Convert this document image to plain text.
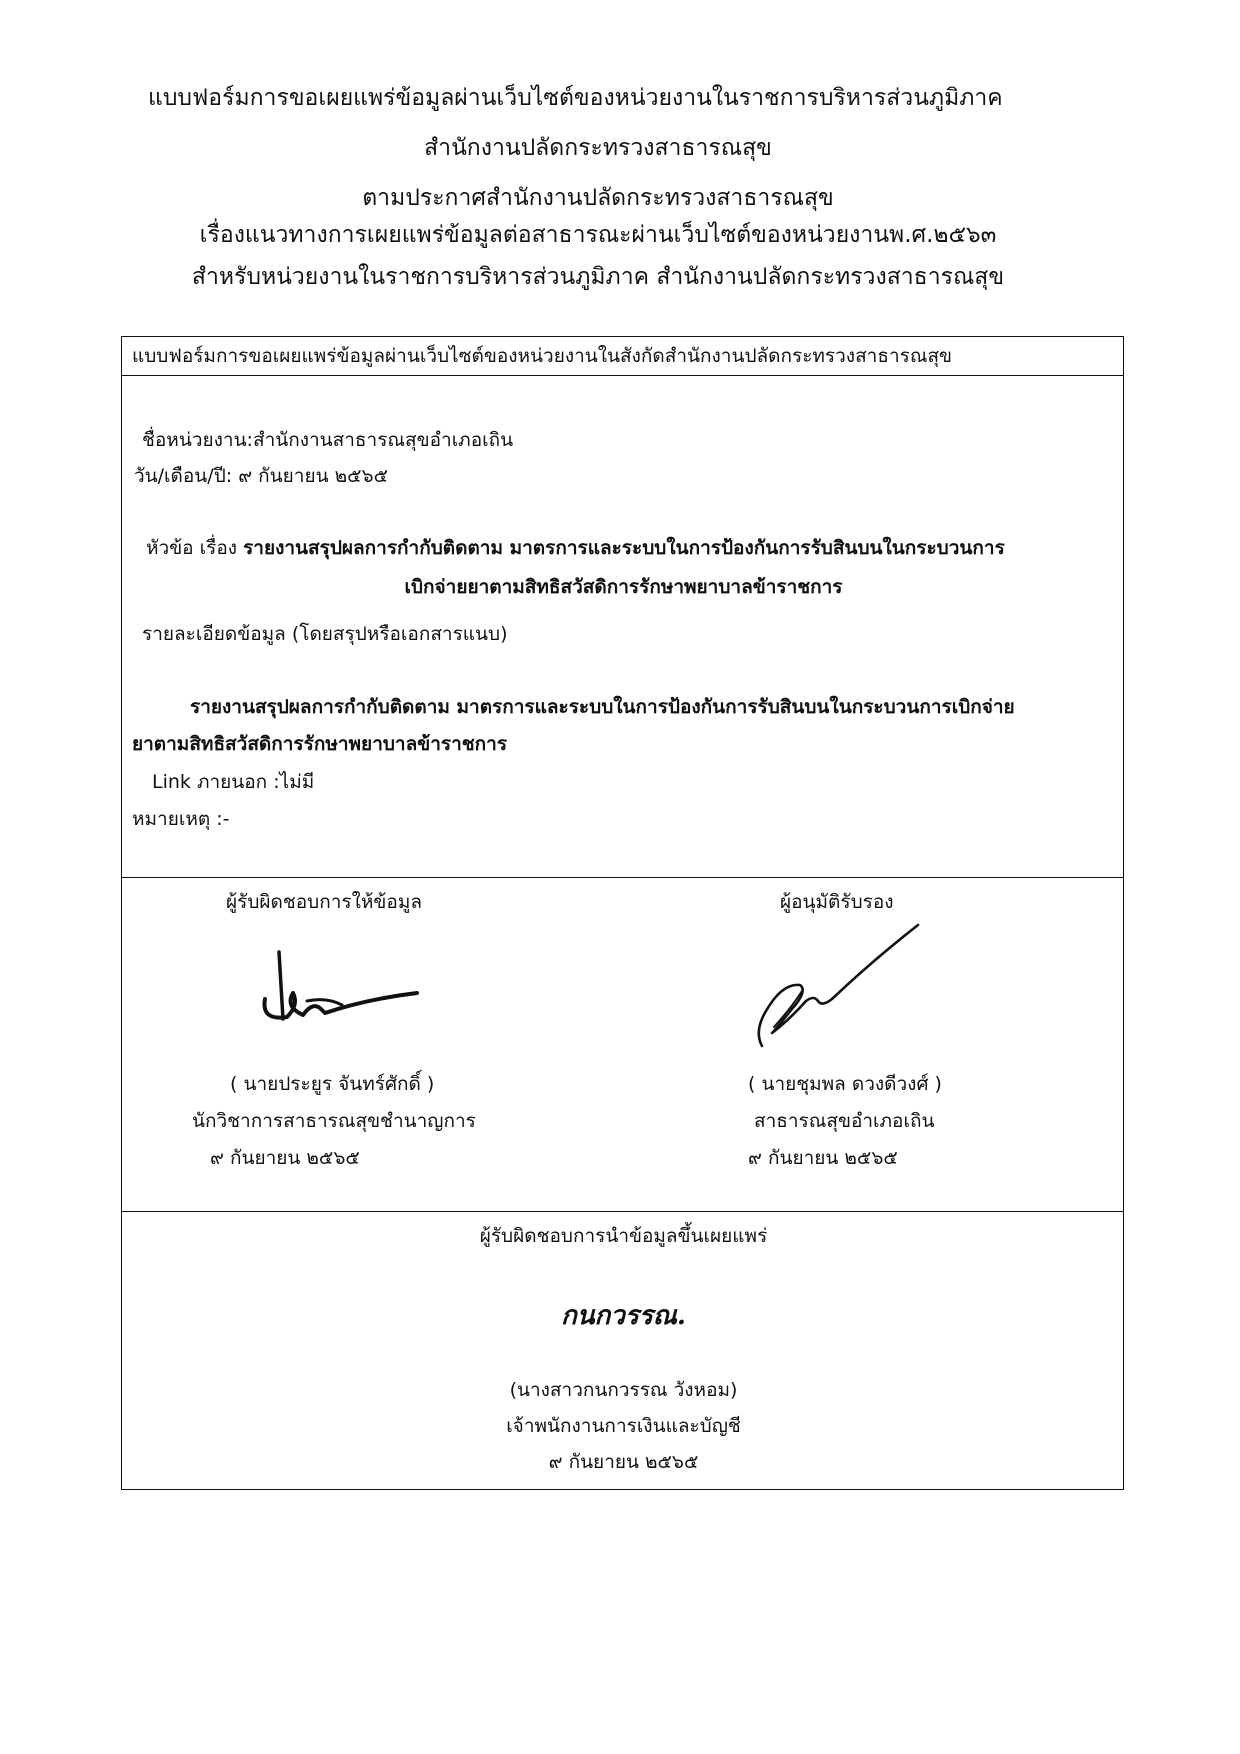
แบบฟอร์มการขอเผยแพร่ข้อมูลผ่านเว็บไซต์ของหน่วยงานในราชการบริหารส่วนภูมิภาค
สำนักงานปลัดกระทรวงสาธารณสุข
ตามประกาศสำนักงานปลัดกระทรวงสาธารณสุข
เรื่องแนวทางการเผยแพร่ข้อมูลต่อสาธารณะผ่านเว็บไซต์ของหน่วยงานพ.ศ.๒๕๖๓
สำหรับหน่วยงานในราชการบริหารส่วนภูมิภาค สำนักงานปลัดกระทรวงสาธารณสุข
แบบฟอร์มการขอเผยแพร่ข้อมูลผ่านเว็บไซต์ของหน่วยงานในสังกัดสำนักงานปลัดกระทรวงสาธารณสุข
ชื่อหน่วยงาน:สำนักงานสาธารณสุขอำเภอเถิน
วัน/เดือน/ปี: ๙ กันยายน ๒๕๖๕
หัวข้อ เรื่อง รายงานสรุปผลการกำกับติดตาม มาตรการและระบบในการป้องกันการรับสินบนในกระบวนการ
เบิกจ่ายยาตามสิทธิสวัสดิการรักษาพยาบาลข้าราชการ
รายละเอียดข้อมูล (โดยสรุปหรือเอกสารแนบ)
รายงานสรุปผลการกำกับติดตาม มาตรการและระบบในการป้องกันการรับสินบนในกระบวนการเบิกจ่าย
ยาตามสิทธิสวัสดิการรักษาพยาบาลข้าราชการ
Link ภายนอก :ไม่มี
หมายเหตุ :-
ผู้รับผิดชอบการให้ข้อมูล
( นายประยูร จันทร์ศักดิ์ )
นักวิชาการสาธารณสุขชำนาญการ
๙ กันยายน ๒๕๖๕
ผู้อนุมัติรับรอง
( นายชุมพล ดวงดีวงศ์ )
สาธารณสุขอำเภอเถิน
๙ กันยายน ๒๕๖๕
ผู้รับผิดชอบการนำข้อมูลขึ้นเผยแพร่
กนกวรรณ.
(นางสาวกนกวรรณ วังหอม)
เจ้าพนักงานการเงินและบัญชี
๙ กันยายน ๒๕๖๕
